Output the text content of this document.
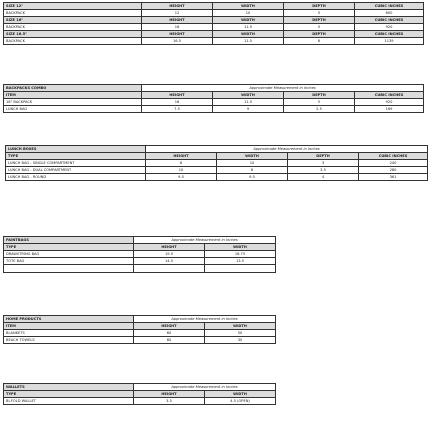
SIZE 12"	HEIGHT	WIDTH	DEPTH	CUBIC INCHES
BACKPACK	12	10	5	600
SIZE 16"	HEIGHT	WIDTH	DEPTH	CUBIC INCHES
BACKPACK	16	11.5	5	920
SIZE 16.5"	HEIGHT	WIDTH	DEPTH	CUBIC INCHES
BACKPACK	16.5	11.5	6	1139
BACKPACKS COMBO	Approximate Measurement in Inches			
ITEM	HEIGHT	WIDTH	DEPTH	CUBIC INCHES
16" BACKPACK	16	11.5	5	920
LUNCH BAG	7.5	9	2.5	169
LUNCH BOXES	Approximate Measurement in Inches			
TYPE	HEIGHT	WIDTH	DEPTH	CUBIC INCHES
LUNCH BAG - SINGLE COMPARTMENT	8	10	3	240
LUNCH BAG - DUAL COMPARTMENT	10	8	3.5	280
LUNCH BAG - ROUND	9.5	9.5	4	361
PAINTBAGS	Approximate Measurement in Inches	
TYPE	HEIGHT	WIDTH
DRAWSTRING BAG	19.5	16.75
TOTE BAG	14.5	13.5

HOME PRODUCTS	Approximate Measurement in Inches	
ITEM	HEIGHT	WIDTH
BLANKETS	60	50
BEACH TOWELS	60	30
WALLETS	Approximate Measurement in Inches	
TYPE	HEIGHT	WIDTH
BI-FOLD WALLET	3.5	4.5 (OPEN)
